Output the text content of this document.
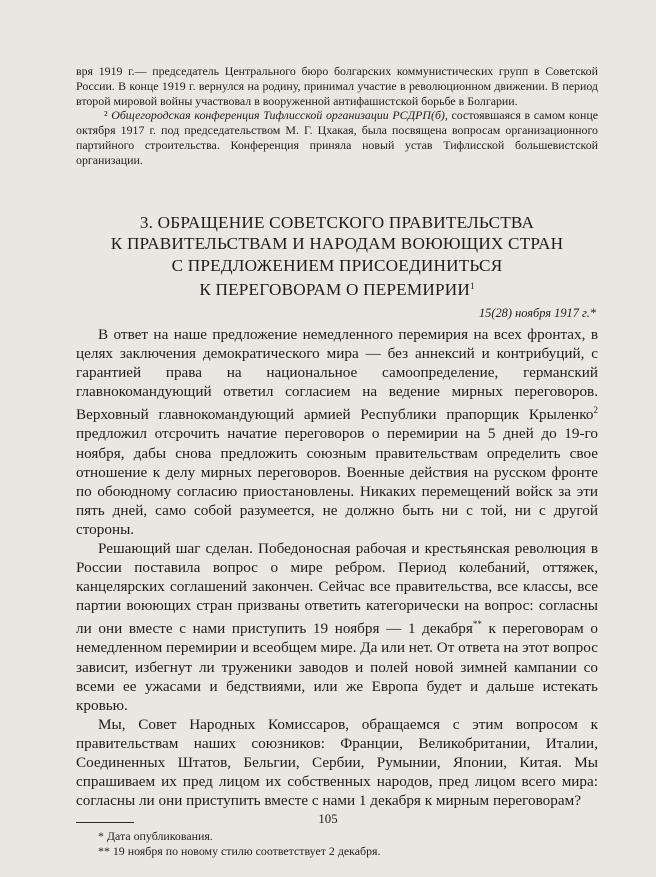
вря 1919 г.— председатель Центрального бюро болгарских коммунистических групп в Советской России. В конце 1919 г. вернулся на родину, принимал участие в революционном движении. В период второй мировой войны участвовал в вооруженной антифашистской борьбе в Болгарии.

² Общегородская конференция Тифлисской организации РСДРП(б), состоявшаяся в самом конце октября 1917 г. под председательством М. Г. Цхакая, была посвящена вопросам организационного партийного строительства. Конференция приняла новый устав Тифлисской большевистской организации.

3. ОБРАЩЕНИЕ СОВЕТСКОГО ПРАВИТЕЛЬСТВА
К ПРАВИТЕЛЬСТВАМ И НАРОДАМ ВОЮЮЩИХ СТРАН
С ПРЕДЛОЖЕНИЕМ ПРИСОЕДИНИТЬСЯ
К ПЕРЕГОВОРАМ О ПЕРЕМИРИИ$^1$
15(28) ноября 1917 г.*

В ответ на наше предложение немедленного перемирия на всех фронтах, в целях заключения демократического мира — без аннексий и контрибуций, с гарантией права на национальное самоопределение, германский главнокомандующий ответил согласием на ведение мирных переговоров. Верховный главнокомандующий армией Республики прапорщик Крыленко$^2$ предложил отсрочить начатие переговоров о перемирии на 5 дней до 19-го ноября, дабы снова предложить союзным правительствам определить свое отношение к делу мирных переговоров. Военные действия на русском фронте по обоюдному согласию приостановлены. Никаких перемещений войск за эти пять дней, само собой разумеется, не должно быть ни с той, ни с другой стороны.

Решающий шаг сделан. Победоносная рабочая и крестьянская революция в России поставила вопрос о мире ребром. Период колебаний, оттяжек, канцелярских соглашений закончен. Сейчас все правительства, все классы, все партии воюющих стран призваны ответить категорически на вопрос: согласны ли они вместе с нами приступить 19 ноября — 1 декабря** к переговорам о немедленном перемирии и всеобщем мире. Да или нет. От ответа на этот вопрос зависит, избегнут ли труженики заводов и полей новой зимней кампании со всеми ее ужасами и бедствиями, или же Европа будет и дальше истекать кровью.

Мы, Совет Народных Комиссаров, обращаемся с этим вопросом к правительствам наших союзников: Франции, Великобритании, Италии, Соединенных Штатов, Бельгии, Сербии, Румынии, Японии, Китая. Мы спрашиваем их пред лицом их собственных народов, пред лицом всего мира: согласны ли они приступить вместе с нами 1 декабря к мирным переговорам?

* Дата опубликования.

** 19 ноября по новому стилю соответствует 2 декабря.

105
